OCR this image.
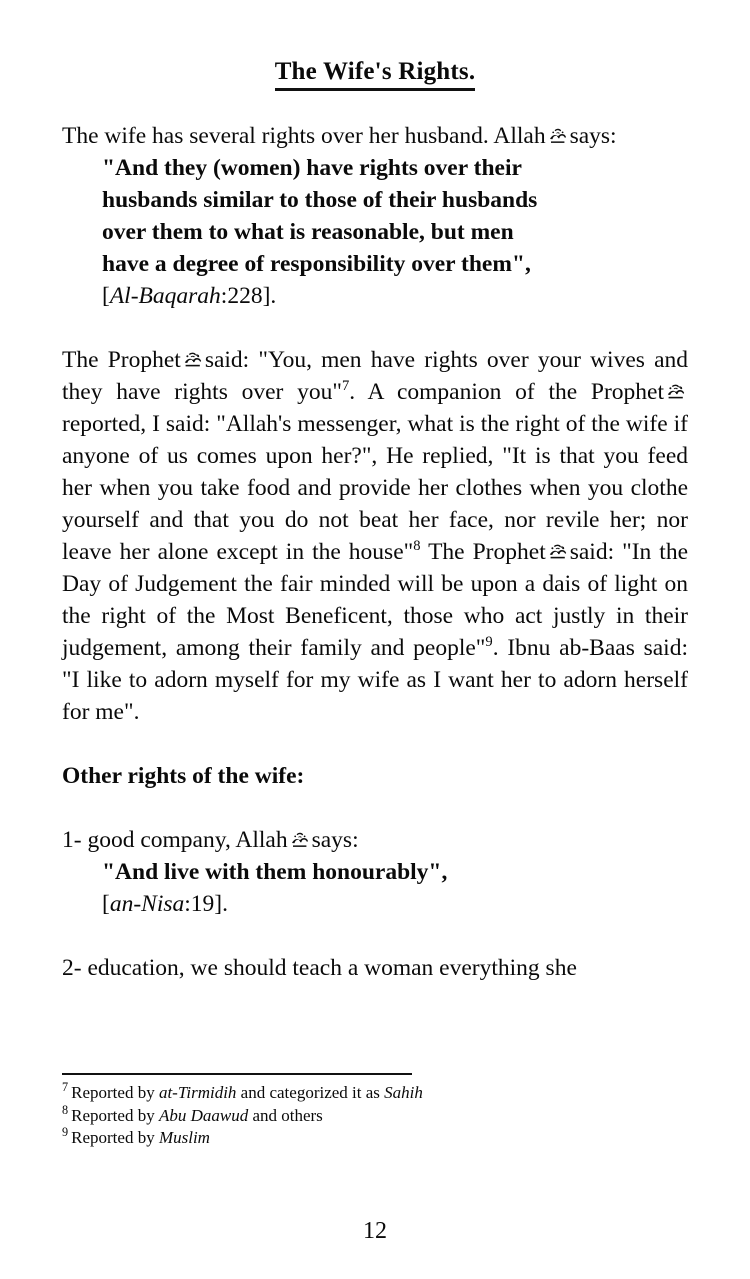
The Wife's Rights.

The wife has several rights over her husband. Allah says:

"And they (women) have rights over their
husbands similar to those of their husbands
over them to what is reasonable, but men
have a degree of responsibility over them",
[Al-Baqarah:228].

The Prophet said: "You, men have rights over your wives and they have rights over you"$^7$. A companion of the Prophet
reported, I said: "Allah's messenger, what is the right of the wife if anyone of us comes upon her?", He replied, "It is that you feed her when you take food and provide her clothes when you clothe yourself and that you do not beat her face, nor revile her; nor leave her alone except in the house"$^8$ The Prophet said: "In the Day of Judgement the fair minded will be upon a dais of light on the right of the Most Beneficent, those who act justly in their judgement, among their family and people"$^9$. Ibnu ab-Baas said: "I like to adorn myself for my wife as I want her to adorn herself for me".

Other rights of the wife:

1- good company, Allah says:

"And live with them honourably",
[an-Nisa:19].

2- education, we should teach a woman everything she

$^7$ Reported by at-Tirmidih and categorized it as Sahih

$^8$ Reported by Abu Daawud and others

$^9$ Reported by Muslim

12
